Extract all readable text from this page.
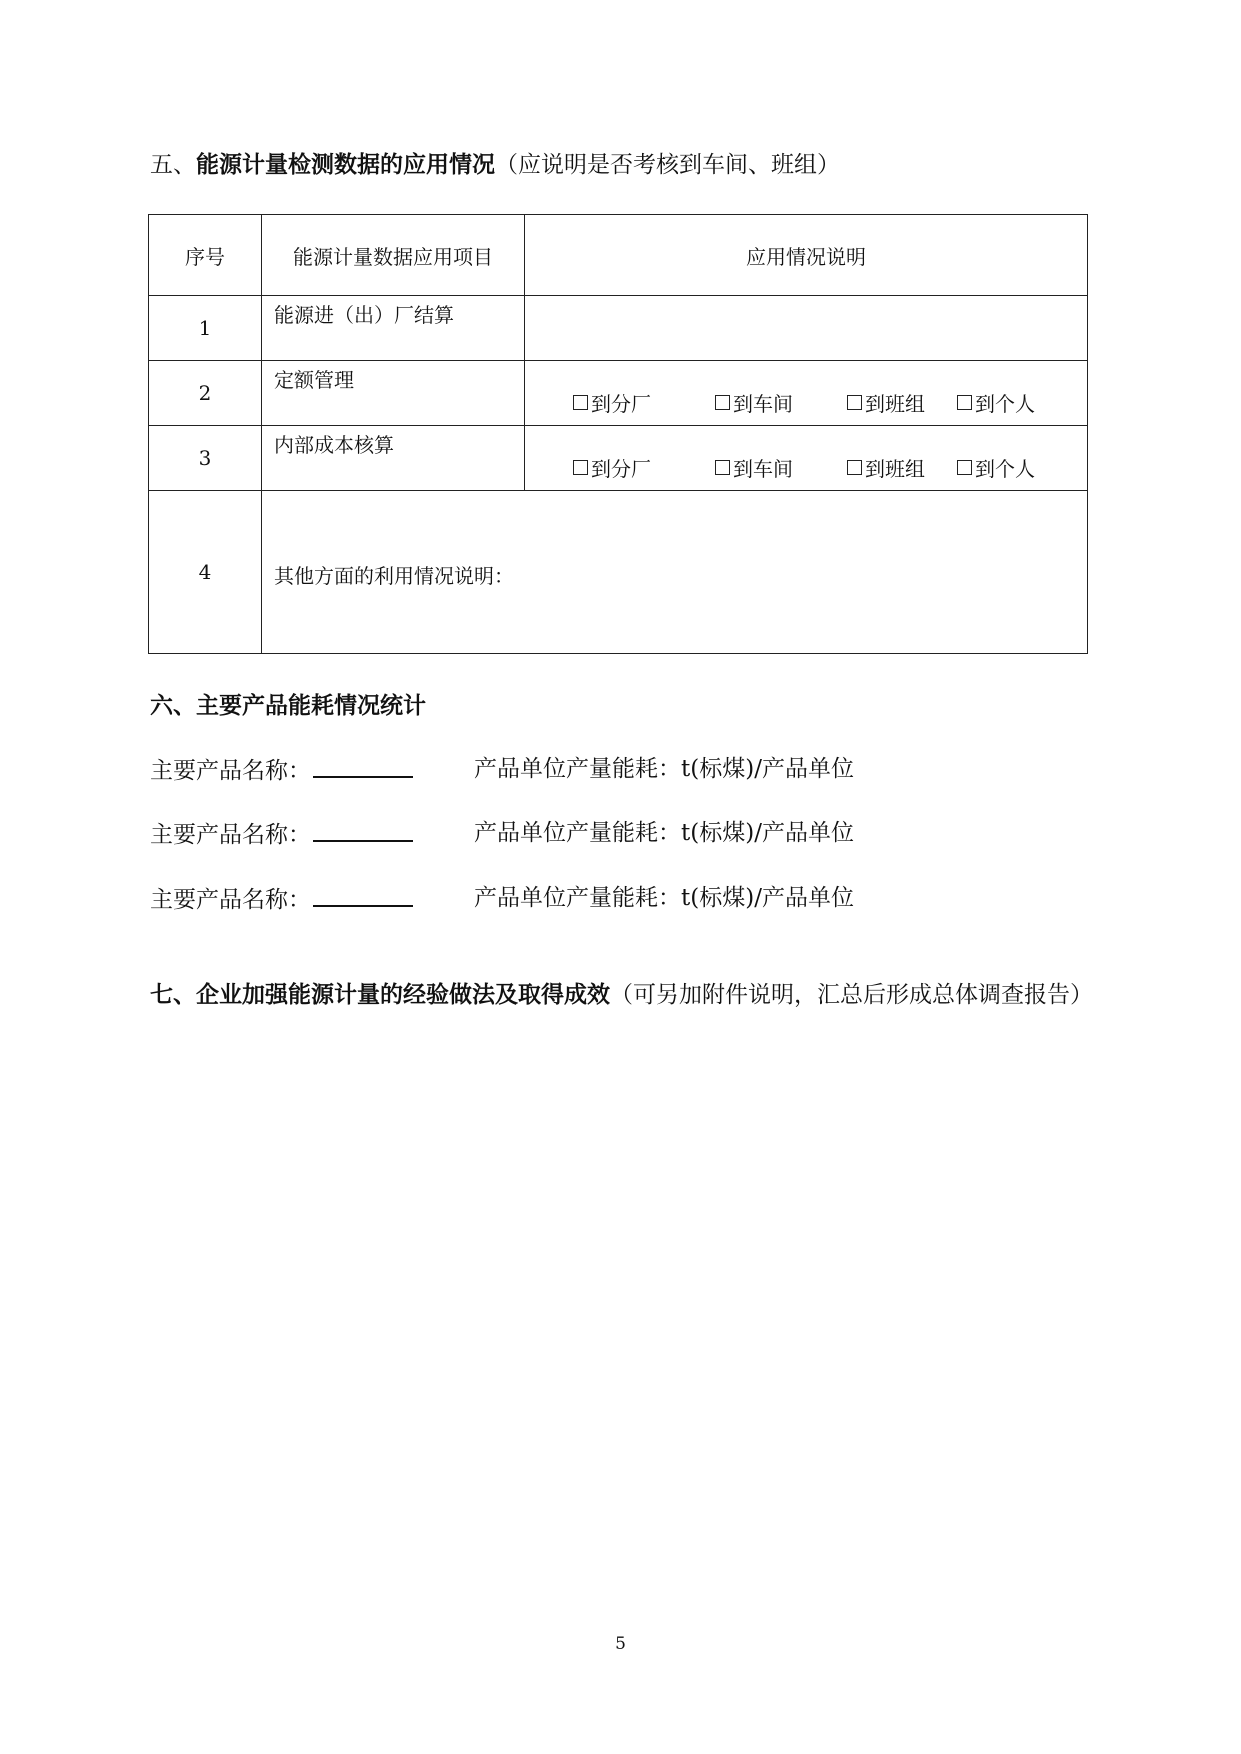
五、能源计量检测数据的应用情况（应说明是否考核到车间、班组）
序号	能源计量数据应用项目	应用情况说明
1	能源进（出）厂结算	

2	定额管理	到分厂 到车间 到班组 到个人

3	内部成本核算	到分厂 到车间 到班组 到个人

4	其他方面的利用情况说明：	
六、主要产品能耗情况统计
主要产品名称：	产品单位产量能耗：t(标煤)/产品单位
主要产品名称：	产品单位产量能耗：t(标煤)/产品单位
主要产品名称：	产品单位产量能耗：t(标煤)/产品单位
七、企业加强能源计量的经验做法及取得成效（可另加附件说明，汇总后形成总体调查报告）
5
